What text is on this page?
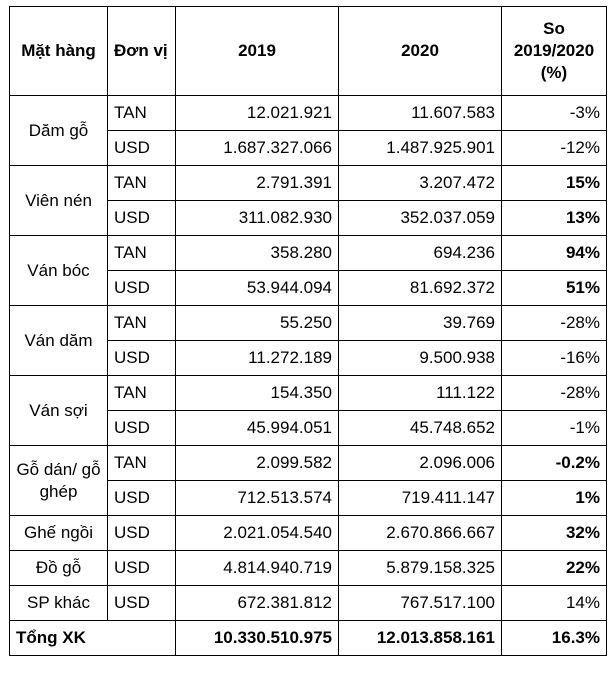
Mặt hàng	Đơn vị	2019	2020	So 2019/2020 (%)
Dăm gỗ	TAN	12.021.921	11.607.583	-3%
	USD	1.687.327.066	1.487.925.901	-12%
Viên nén	TAN	2.791.391	3.207.472	15%
	USD	311.082.930	352.037.059	13%
Ván bóc	TAN	358.280	694.236	94%
	USD	53.944.094	81.692.372	51%
Ván dăm	TAN	55.250	39.769	-28%
	USD	11.272.189	9.500.938	-16%
Ván sợi	TAN	154.350	111.122	-28%
	USD	45.994.051	45.748.652	-1%
Gỗ dán/ gỗ ghép	TAN	2.099.582	2.096.006	-0.2%
	USD	712.513.574	719.411.147	1%
Ghế ngồi	USD	2.021.054.540	2.670.866.667	32%
Đồ gỗ	USD	4.814.940.719	5.879.158.325	22%
SP khác	USD	672.381.812	767.517.100	14%
Tổng XK		10.330.510.975	12.013.858.161	16.3%
